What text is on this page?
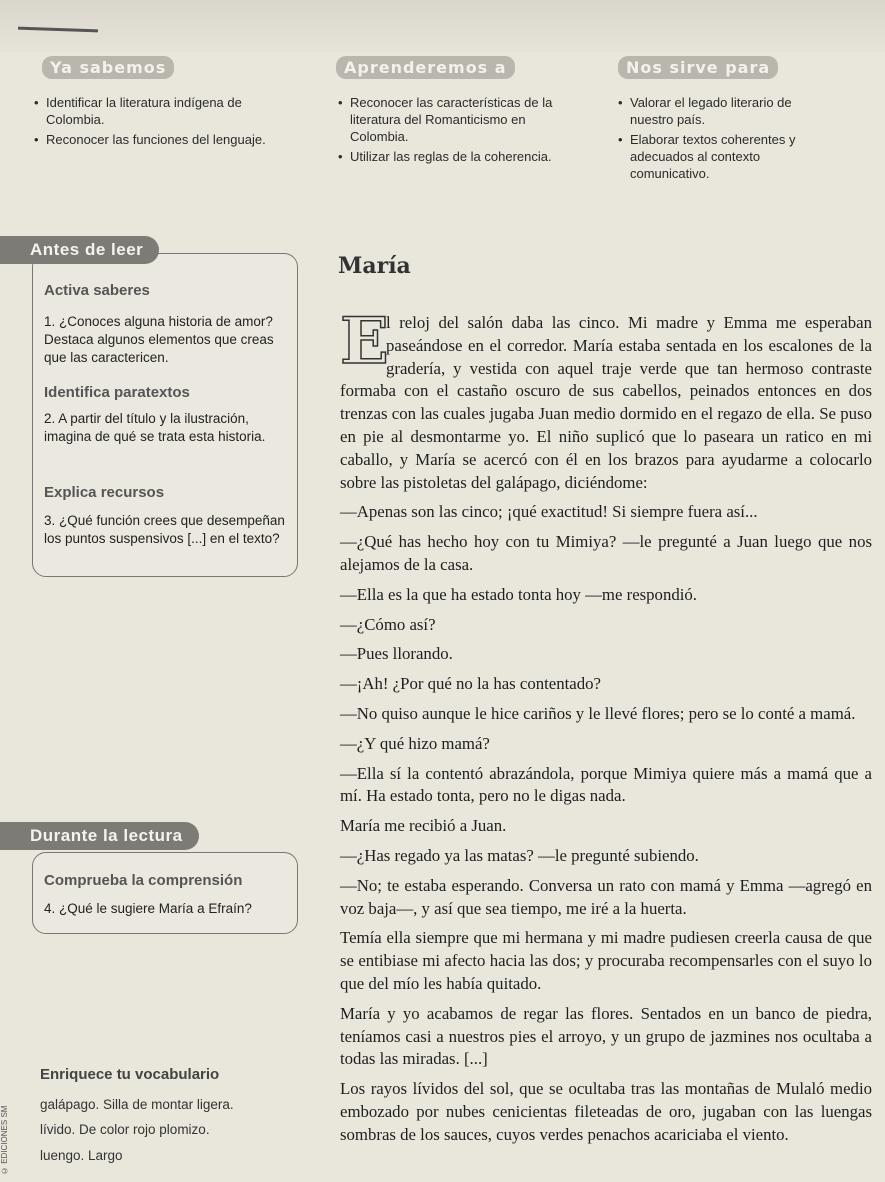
Ya sabemos	Aprenderemos a	Nos sirve para
• Identificar la literatura indígena de Colombia.
• Reconocer las funciones del lenguaje.
• Reconocer las características de la literatura del Romanticismo en Colombia.
• Utilizar las reglas de la coherencia.
• Valorar el legado literario de nuestro país.
• Elaborar textos coherentes y adecuados al contexto comunicativo.
Antes de leer
Activa saberes
1. ¿Conoces alguna historia de amor? Destaca algunos elementos que creas que las caractericen.
Identifica paratextos
2. A partir del título y la ilustración, imagina de qué se trata esta historia.
Explica recursos
3. ¿Qué función crees que desempeñan los puntos suspensivos [...] en el texto?
Durante la lectura
Comprueba la comprensión
4. ¿Qué le sugiere María a Efraín?
Enriquece tu vocabulario
galápago. Silla de montar ligera.
lívido. De color rojo plomizo.
luengo. Largo
© EDICIONES SM
María

E
l reloj del salón daba las cinco. Mi madre y Emma me esperaban paseándose en el corredor. María estaba sentada en los escalones de la gradería, y vestida con aquel traje verde que tan hermoso contraste formaba con el castaño oscuro de sus cabellos, peinados entonces en dos trenzas con las cuales jugaba Juan medio dormido en el regazo de ella. Se puso en pie al desmontarme yo. El niño suplicó que lo paseara un ratico en mi caballo, y María se acercó con él en los brazos para ayudarme a colocarlo sobre las pistoletas del galápago, diciéndome:

—Apenas son las cinco; ¡qué exactitud! Si siempre fuera así...

—¿Qué has hecho hoy con tu Mimiya? —le pregunté a Juan luego que nos alejamos de la casa.

—Ella es la que ha estado tonta hoy —me respondió.

—¿Cómo así?

—Pues llorando.

—¡Ah! ¿Por qué no la has contentado?

—No quiso aunque le hice cariños y le llevé flores; pero se lo conté a mamá.

—¿Y qué hizo mamá?

—Ella sí la contentó abrazándola, porque Mimiya quiere más a mamá que a mí. Ha estado tonta, pero no le digas nada.

María me recibió a Juan.

—¿Has regado ya las matas? —le pregunté subiendo.

—No; te estaba esperando. Conversa un rato con mamá y Emma —agregó en voz baja—, y así que sea tiempo, me iré a la huerta.

Temía ella siempre que mi hermana y mi madre pudiesen creerla causa de que se entibiase mi afecto hacia las dos; y procuraba recompensarles con el suyo lo que del mío les había quitado.

María y yo acabamos de regar las flores. Sentados en un banco de piedra, teníamos casi a nuestros pies el arroyo, y un grupo de jazmines nos ocultaba a todas las miradas. [...]

Los rayos lívidos del sol, que se ocultaba tras las montañas de Mulaló medio embozado por nubes cenicientas fileteadas de oro, jugaban con las luengas sombras de los sauces, cuyos verdes penachos acariciaba el viento.
